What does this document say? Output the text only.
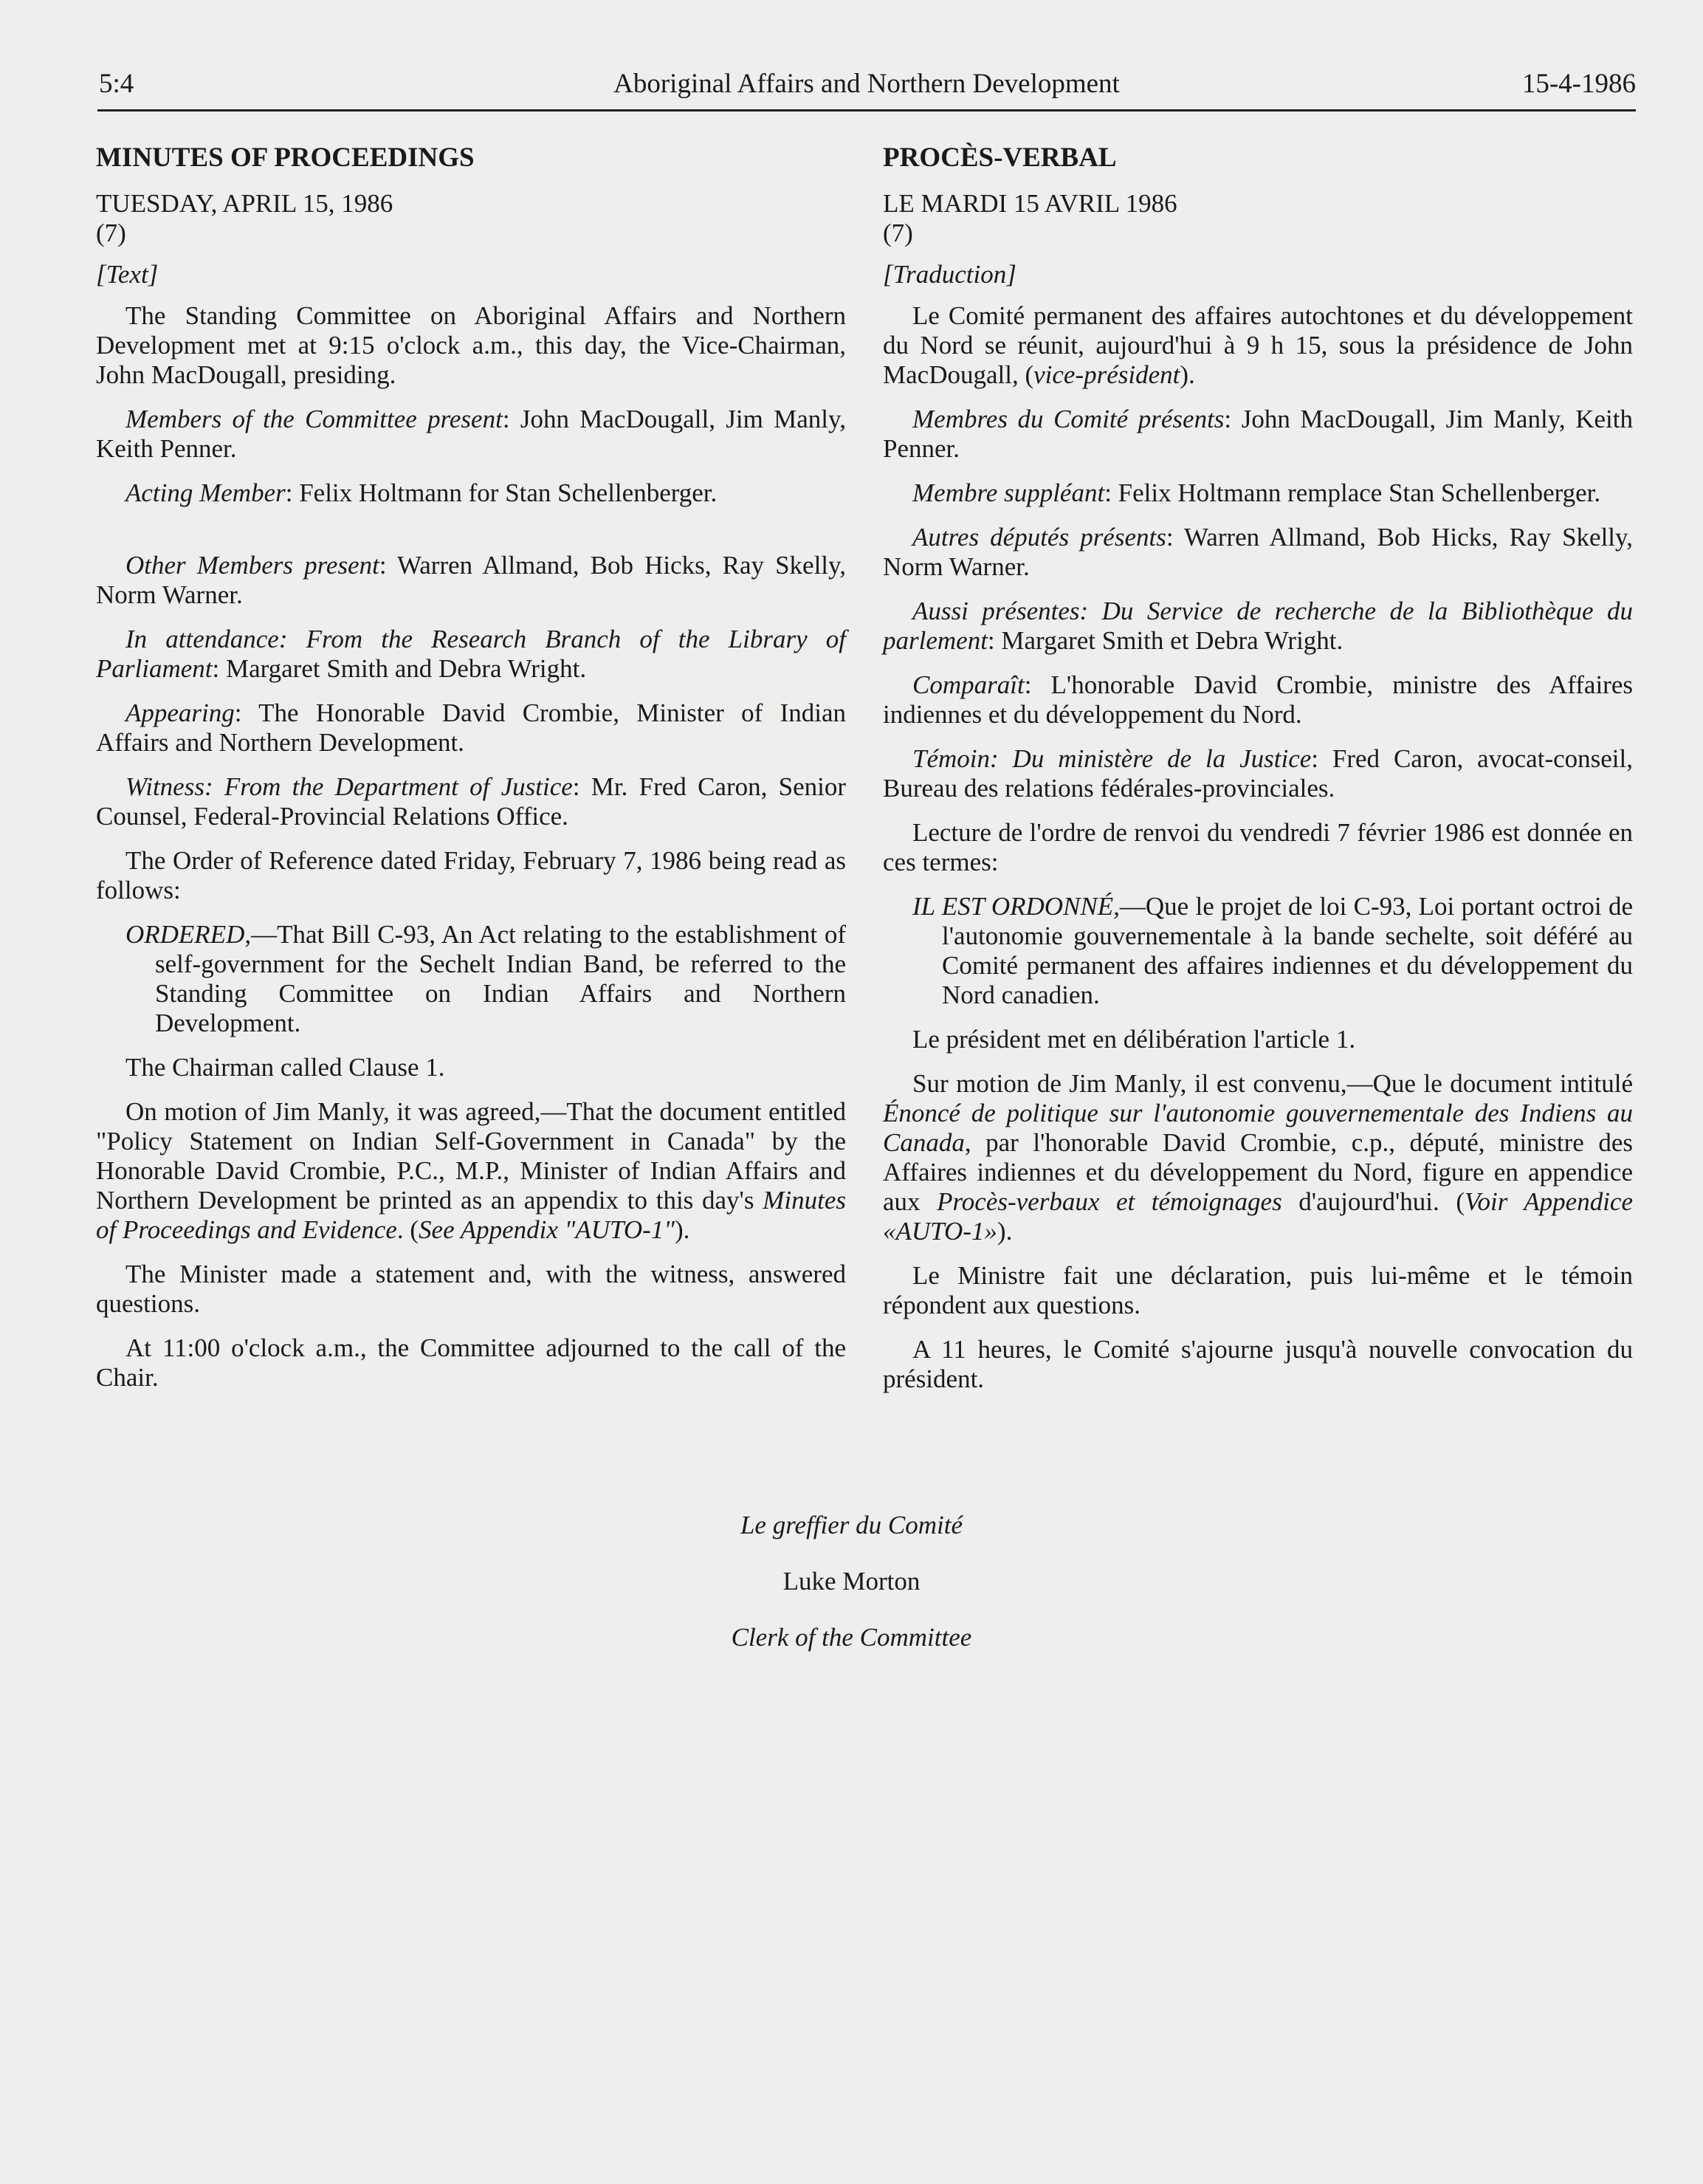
5:4	Aboriginal Affairs and Northern Development	15-4-1986
MINUTES OF PROCEEDINGS

TUESDAY, APRIL 15, 1986

(7)

[Text]

The Standing Committee on Aboriginal Affairs and Northern Development met at 9:15 o'clock a.m., this day, the Vice-Chairman, John MacDougall, presiding.

Members of the Committee present: John MacDougall, Jim Manly, Keith Penner.

Acting Member: Felix Holtmann for Stan Schellenberger.

Other Members present: Warren Allmand, Bob Hicks, Ray Skelly, Norm Warner.

In attendance: From the Research Branch of the Library of Parliament: Margaret Smith and Debra Wright.

Appearing: The Honorable David Crombie, Minister of Indian Affairs and Northern Development.

Witness: From the Department of Justice: Mr. Fred Caron, Senior Counsel, Federal-Provincial Relations Office.

The Order of Reference dated Friday, February 7, 1986 being read as follows:

ORDERED,—That Bill C-93, An Act relating to the establishment of self-government for the Sechelt Indian Band, be referred to the Standing Committee on Indian Affairs and Northern Development.

The Chairman called Clause 1.

On motion of Jim Manly, it was agreed,—That the document entitled "Policy Statement on Indian Self-Government in Canada" by the Honorable David Crombie, P.C., M.P., Minister of Indian Affairs and Northern Development be printed as an appendix to this day's Minutes of Proceedings and Evidence. (See Appendix "AUTO-1").

The Minister made a statement and, with the witness, answered questions.

At 11:00 o'clock a.m., the Committee adjourned to the call of the Chair.

PROCÈS-VERBAL

LE MARDI 15 AVRIL 1986

(7)

[Traduction]

Le Comité permanent des affaires autochtones et du développement du Nord se réunit, aujourd'hui à 9 h 15, sous la présidence de John MacDougall, (vice-président).

Membres du Comité présents: John MacDougall, Jim Manly, Keith Penner.

Membre suppléant: Felix Holtmann remplace Stan Schellenberger.

Autres députés présents: Warren Allmand, Bob Hicks, Ray Skelly, Norm Warner.

Aussi présentes: Du Service de recherche de la Bibliothèque du parlement: Margaret Smith et Debra Wright.

Comparaît: L'honorable David Crombie, ministre des Affaires indiennes et du développement du Nord.

Témoin: Du ministère de la Justice: Fred Caron, avocat-conseil, Bureau des relations fédérales-provinciales.

Lecture de l'ordre de renvoi du vendredi 7 février 1986 est donnée en ces termes:

IL EST ORDONNÉ,—Que le projet de loi C-93, Loi portant octroi de l'autonomie gouvernementale à la bande sechelte, soit déféré au Comité permanent des affaires indiennes et du développement du Nord canadien.

Le président met en délibération l'article 1.

Sur motion de Jim Manly, il est convenu,—Que le document intitulé Énoncé de politique sur l'autonomie gouvernementale des Indiens au Canada, par l'honorable David Crombie, c.p., député, ministre des Affaires indiennes et du développement du Nord, figure en appendice aux Procès-verbaux et témoignages d'aujourd'hui. (Voir Appendice «AUTO-1»).

Le Ministre fait une déclaration, puis lui-même et le témoin répondent aux questions.

A 11 heures, le Comité s'ajourne jusqu'à nouvelle convocation du président.

Le greffier du Comité
Luke Morton
Clerk of the Committee
